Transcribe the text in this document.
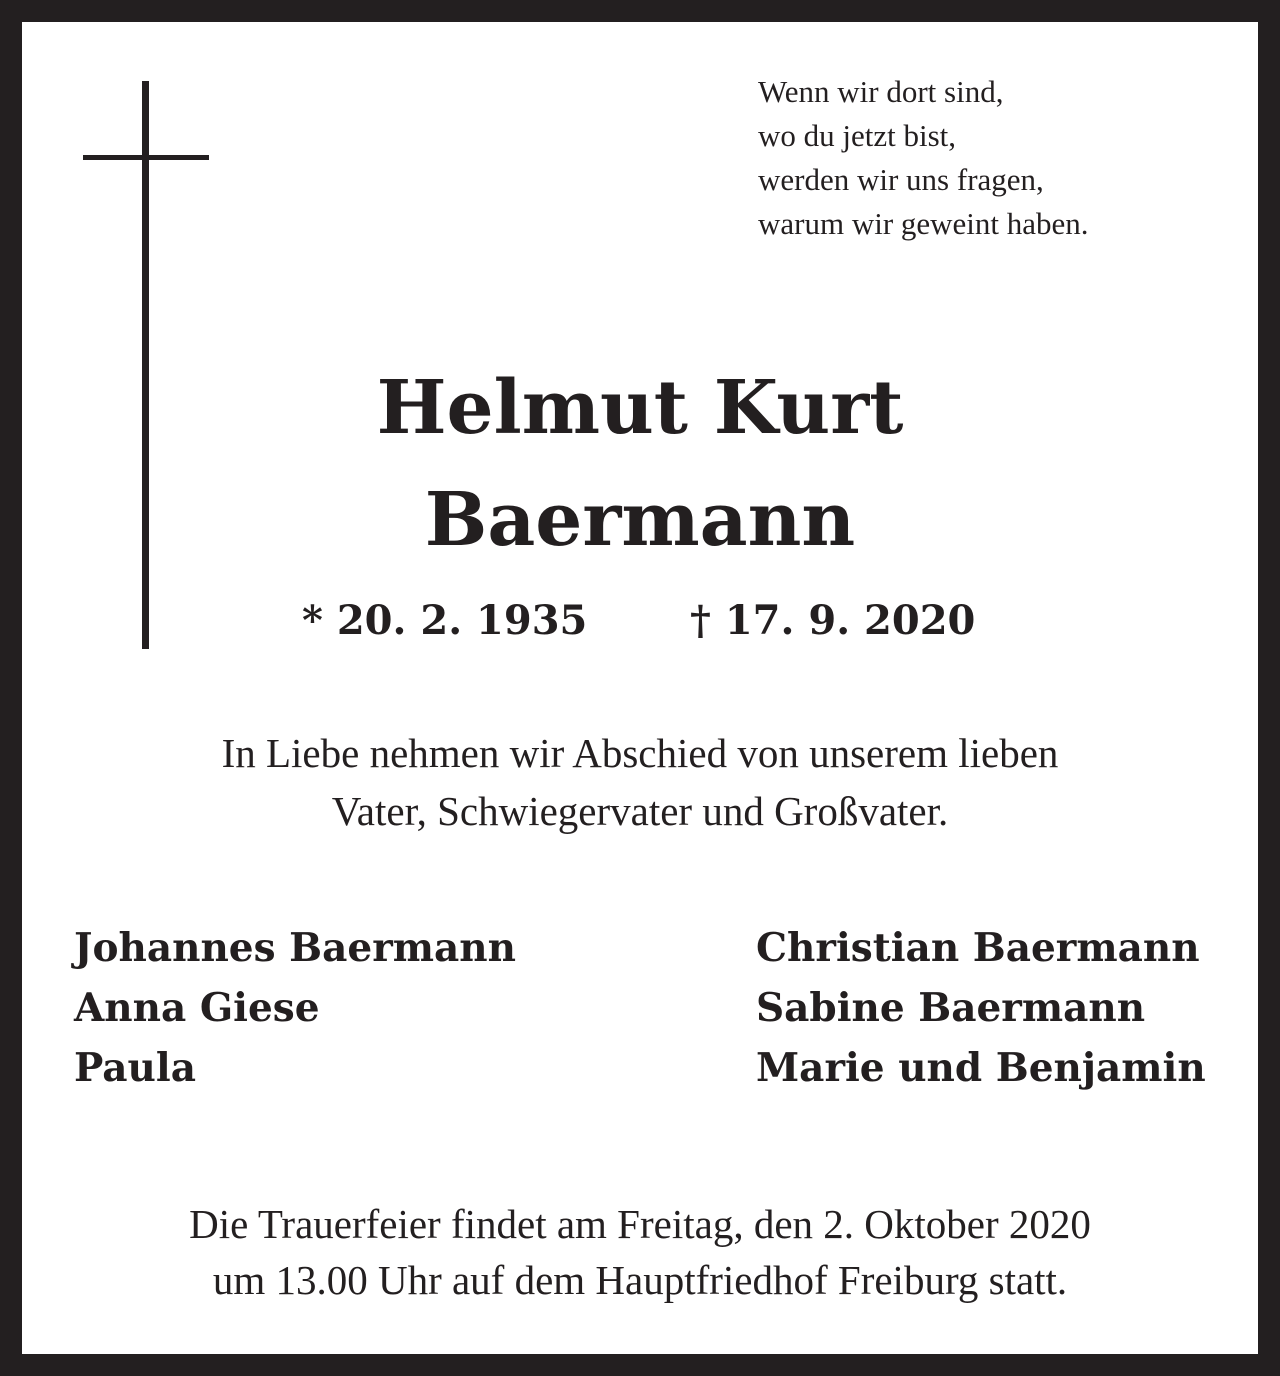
Wenn wir dort sind,
wo du jetzt bist,
werden wir uns fragen,
warum wir geweint haben.
Helmut Kurt
Baermann
* 20. 2. 1935	† 17. 9. 2020
In Liebe nehmen wir Abschied von unserem lieben
Vater, Schwiegervater und Großvater.
Johannes Baermann
Anna Giese
Paula
Christian Baermann
Sabine Baermann
Marie und Benjamin
Die Trauerfeier findet am Freitag, den 2. Oktober 2020
um 13.00 Uhr auf dem Hauptfriedhof Freiburg statt.
